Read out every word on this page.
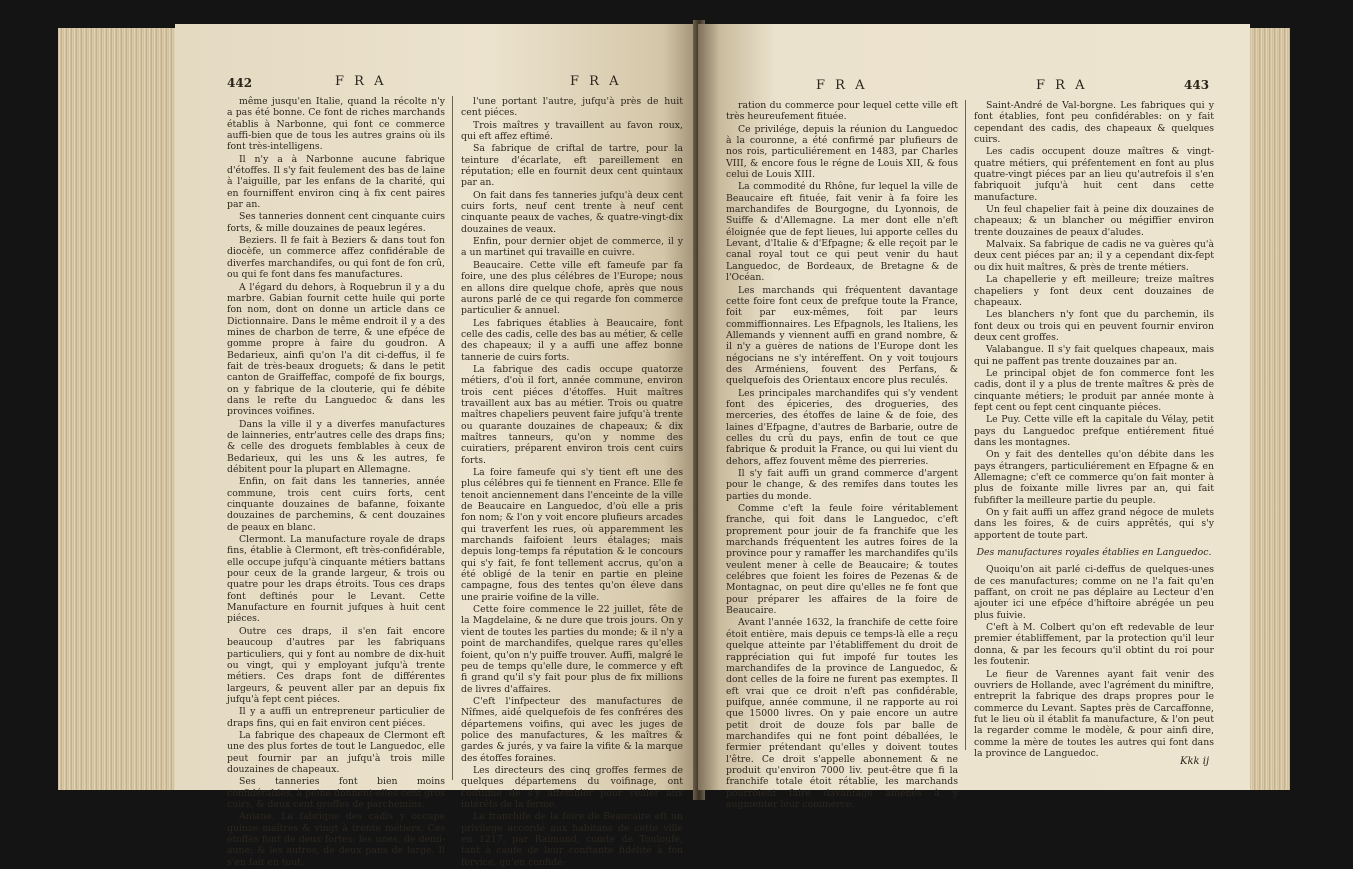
442	F R A	F R A

même jusqu'en Italie, quand la récolte n'y a pas été bonne. Ce font de riches marchands établis à Narbonne, qui font ce commerce auffi-bien que de tous les autres grains où ils font très-intelligens.

Il n'y a à Narbonne aucune fabrique d'étoffes. Il s'y fait feulement des bas de laine à l'aiguille, par les enfans de la charité, qui en fourniffent environ cinq à fix cent paires par an.

Ses tanneries donnent cent cinquante cuirs forts, & mille douzaines de peaux legéres.

Beziers. Il fe fait à Beziers & dans tout fon diocèfe, un commerce affez confidérable de diverfes marchandifes, ou qui font de fon crû, ou qui fe font dans fes manufactures.

A l'égard du dehors, à Roquebrun il y a du marbre. Gabian fournit cette huile qui porte fon nom, dont on donne un article dans ce Dictionnaire. Dans le même endroit il y a des mines de charbon de terre, & une efpéce de gomme propre à faire du goudron. A Bedarieux, ainfi qu'on l'a dit ci-deffus, il fe fait de très-beaux droguets; & dans le petit canton de Graiffeffac, compofé de fix bourgs, on y fabrique de la clouterie, qui fe débite dans le refte du Languedoc & dans les provinces voifines.

Dans la ville il y a diverfes manufactures de lainneries, entr'autres celle des draps fins; & celle des droguets femblables à ceux de Bedarieux, qui les uns & les autres, fe débitent pour la plupart en Allemagne.

Enfin, on fait dans les tanneries, année commune, trois cent cuirs forts, cent cinquante douzaines de bafanne, foixante douzaines de parchemins, & cent douzaines de peaux en blanc.

Clermont. La manufacture royale de draps fins, établie à Clermont, eft très-confidérable, elle occupe jufqu'à cinquante métiers battans pour ceux de la grande largeur, & trois ou quatre pour les draps étroits. Tous ces draps font deftinés pour le Levant. Cette Manufacture en fournit jufques à huit cent piéces.

Outre ces draps, il s'en fait encore beaucoup d'autres par les fabriquans particuliers, qui y font au nombre de dix-huit ou vingt, qui y employant jufqu'à trente métiers. Ces draps font de différentes largeurs, & peuvent aller par an depuis fix jufqu'à fept cent piéces.

Il y a auffi un entrepreneur particulier de draps fins, qui en fait environ cent piéces.

La fabrique des chapeaux de Clermont eft une des plus fortes de tout le Languedoc, elle peut fournir par an jufqu'à trois mille douzaines de chapeaux.

Ses tanneries font bien moins confidérables, à peine donnent-elles cent gros cuirs, & deux cent groffes de parchemins.

Aniane. La fabrique des cadis y occupe quinze maîtres & vingt à trente métiers. Ces étoffes font de deux fortes; les unes, de demi-aune; & les autres, de deux pans de large. Il s'en fait en tout,

l'une portant l'autre, jufqu'à près de huit cent piéces.

Trois maîtres y travaillent au favon roux, qui eft affez eftimé.

Sa fabrique de criftal de tartre, pour la teinture d'écarlate, eft pareillement en réputation; elle en fournit deux cent quintaux par an.

On fait dans fes tanneries jufqu'à deux cent cuirs forts, neuf cent trente à neuf cent cinquante peaux de vaches, & quatre-vingt-dix douzaines de veaux.

Enfin, pour dernier objet de commerce, il y a un martinet qui travaille en cuivre.

Beaucaire. Cette ville eft fameufe par fa foire, une des plus célébres de l'Europe; nous en allons dire quelque chofe, après que nous aurons parlé de ce qui regarde fon commerce particulier & annuel.

Les fabriques établies à Beaucaire, font celle des cadis, celle des bas au métier, & celle des chapeaux; il y a auffi une affez bonne tannerie de cuirs forts.

La fabrique des cadis occupe quatorze métiers, d'où il fort, année commune, environ trois cent piéces d'étoffes. Huit maîtres travaillent aux bas au métier. Trois ou quatre maîtres chapeliers peuvent faire jufqu'à trente ou quarante douzaines de chapeaux; & dix maîtres tanneurs, qu'on y nomme des cuiratiers, préparent environ trois cent cuirs forts.

La foire fameufe qui s'y tient eft une des plus célébres qui fe tiennent en France. Elle fe tenoit anciennement dans l'enceinte de la ville de Beaucaire en Languedoc, d'où elle a pris fon nom; & l'on y voit encore plufieurs arcades qui traverfent les rues, où apparemment les marchands faifoient leurs étalages; mais depuis long-temps fa réputation & le concours qui s'y fait, fe font tellement accrus, qu'on a été obligé de la tenir en partie en pleine campagne, fous des tentes qu'on éleve dans une prairie voifine de la ville.

Cette foire commence le 22 juillet, fête de la Magdelaine, & ne dure que trois jours. On y vient de toutes les parties du monde; & il n'y a point de marchandifes, quelque rares qu'elles foient, qu'on n'y puiffe trouver. Auffi, malgré le peu de temps qu'elle dure, le commerce y eft fi grand qu'il s'y fait pour plus de fix millions de livres d'affaires.

C'eft l'infpecteur des manufactures de Nîfmes, aidé quelquefois de fes confréres des départemens voifins, qui avec les juges de police des manufactures, & les maîtres & gardes & jurés, y va faire la vifite & la marque des étoffes foraines.

Les directeurs des cinq groffes fermes de quelques départemens du voifinage, ont coutume de s'y affembler pour veiller aux intérêts de la ferme.

La franchife de la foire de Beaucaire eft un privilege accordé aux habitans de cette ville en 1217, par Raimond, comte de Touloufe, tant à caufe de leur conftante fidélité à fon fervice, qu'en confidé-

F R A	F R A	443

ration du commerce pour lequel cette ville eft très heureufement fituée.

Ce privilége, depuis la réunion du Languedoc à la couronne, a été confirmé par plufieurs de nos rois, particuliérement en 1483, par Charles VIII, & encore fous le régne de Louis XII, & fous celui de Louis XIII.

La commodité du Rhône, fur lequel la ville de Beaucaire eft fituée, fait venir à fa foire les marchandifes de Bourgogne, du Lyonnois, de Suiffe & d'Allemagne. La mer dont elle n'eft éloignée que de fept lieues, lui apporte celles du Levant, d'Italie & d'Efpagne; & elle reçoit par le canal royal tout ce qui peut venir du haut Languedoc, de Bordeaux, de Bretagne & de l'Océan.

Les marchands qui fréquentent davantage cette foire font ceux de prefque toute la France, foit par eux-mêmes, foit par leurs commiffionnaires. Les Efpagnols, les Italiens, les Allemands y viennent auffi en grand nombre, & il n'y a guères de nations de l'Europe dont les négocians ne s'y intéreffent. On y voit toujours des Arméniens, fouvent des Perfans, & quelquefois des Orientaux encore plus reculés.

Les principales marchandifes qui s'y vendent font des épiceries, des drogueries, des merceries, des étoffes de laine & de foie, des laines d'Efpagne, d'autres de Barbarie, outre de celles du crû du pays, enfin de tout ce que fabrique & produit la France, ou qui lui vient du dehors, affez fouvent même des pierreries.

Il s'y fait auffi un grand commerce d'argent pour le change, & des remifes dans toutes les parties du monde.

Comme c'eft la feule foire véritablement franche, qui foit dans le Languedoc, c'eft proprement pour jouir de fa franchife que les marchands fréquentent les autres foires de la province pour y ramaffer les marchandifes qu'ils veulent mener à celle de Beaucaire; & toutes celébres que foient les foires de Pezenas & de Montagnac, on peut dire qu'elles ne fe font que pour préparer les affaires de la foire de Beaucaire.

Avant l'année 1632, la franchife de cette foire étoit entière, mais depuis ce temps-là elle a reçu quelque atteinte par l'établiffement du droit de rappréciation qui fut impofé fur toutes les marchandifes de la province de Languedoc, & dont celles de la foire ne furent pas exemptes. Il eft vrai que ce droit n'eft pas confidérable, puifque, année commune, il ne rapporte au roi que 15000 livres. On y paie encore un autre petit droit de douze fols par balle de marchandifes qui ne font point déballées, le fermier prétendant qu'elles y doivent toutes l'être. Ce droit s'appelle abonnement & ne produit qu'environ 7000 liv. peut-être que fi la franchife totale étoit rétablie, les marchands pourroient faire davantage amenés à y augmenter leur commerce.

Saint-André de Val-borgne. Les fabriques qui y font établies, font peu confidérables: on y fait cependant des cadis, des chapeaux & quelques cuirs.

Les cadis occupent douze maîtres & vingt-quatre métiers, qui préfentement en font au plus quatre-vingt piéces par an lieu qu'autrefois il s'en fabriquoit jufqu'à huit cent dans cette manufacture.

Un feul chapelier fait à peine dix douzaines de chapeaux; & un blancher ou mégiffier environ trente douzaines de peaux d'aludes.

Malvaix. Sa fabrique de cadis ne va guères qu'à deux cent piéces par an; il y a cependant dix-fept ou dix huit maîtres, & près de trente métiers.

La chapellerie y eft meilleure; treize maîtres chapeliers y font deux cent douzaines de chapeaux.

Les blanchers n'y font que du parchemin, ils font deux ou trois qui en peuvent fournir environ deux cent groffes.

Valabangue. Il s'y fait quelques chapeaux, mais qui ne paffent pas trente douzaines par an.

Le principal objet de fon commerce font les cadis, dont il y a plus de trente maîtres & près de cinquante métiers; le produit par année monte à fept cent ou fept cent cinquante piéces.

Le Puy. Cette ville eft la capitale du Vélay, petit pays du Languedoc prefque entiérement fitué dans les montagnes.

On y fait des dentelles qu'on débite dans les pays étrangers, particuliérement en Efpagne & en Allemagne; c'eft ce commerce qu'on fait monter à plus de foixante mille livres par an, qui fait fubfifter la meilleure partie du peuple.

On y fait auffi un affez grand négoce de mulets dans les foires, & de cuirs apprêtés, qui s'y apportent de toute part.

Des manufactures royales établies en Languedoc.

Quoiqu'on ait parlé ci-deffus de quelques-unes de ces manufactures; comme on ne l'a fait qu'en paffant, on croit ne pas déplaire au Lecteur d'en ajouter ici une efpéce d'hiftoire abrégée un peu plus fuivie.

C'eft à M. Colbert qu'on eft redevable de leur premier établiffement, par la protection qu'il leur donna, & par les fecours qu'il obtint du roi pour les foutenir.

Le fieur de Varennes ayant fait venir des ouvriers de Hollande, avec l'agrément du miniftre, entreprit la fabrique des draps propres pour le commerce du Levant. Saptes près de Carcaffonne, fut le lieu où il établit fa manufacture, & l'on peut la regarder comme le modèle, & pour ainfi dire, comme la mère de toutes les autres qui font dans la province de Languedoc.

Kkk ij
